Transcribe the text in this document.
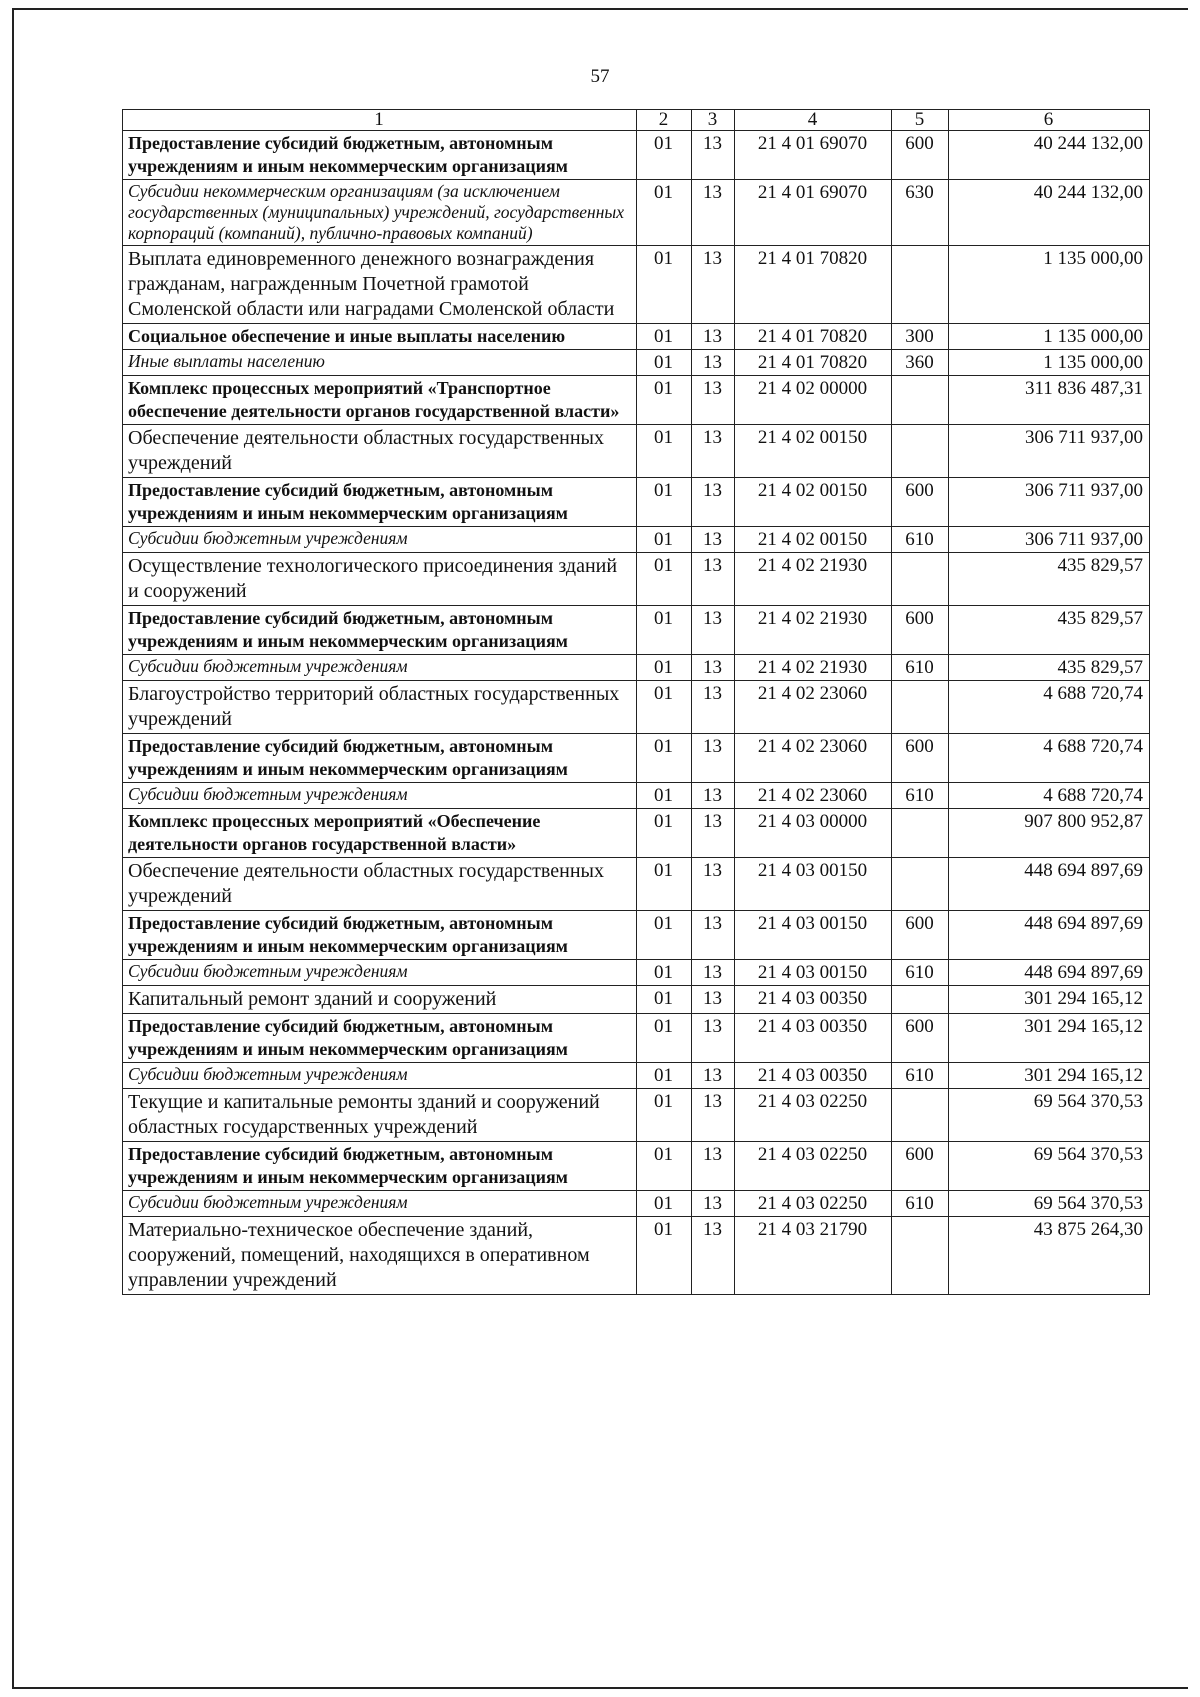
57
1	2	3	4	5	6
Предоставление субсидий бюджетным, автономным учреждениям и иным некоммерческим организациям	01	13	21 4 01 69070	600	40 244 132,00
Субсидии некоммерческим организациям (за исключением государственных (муниципальных) учреждений, государственных корпораций (компаний), публично-правовых компаний)	01	13	21 4 01 69070	630	40 244 132,00
Выплата единовременного денежного вознаграждения гражданам, награжденным Почетной грамотой Смоленской области или наградами Смоленской области	01	13	21 4 01 70820		1 135 000,00
Социальное обеспечение и иные выплаты населению	01	13	21 4 01 70820	300	1 135 000,00
Иные выплаты населению	01	13	21 4 01 70820	360	1 135 000,00
Комплекс процессных мероприятий «Транспортное обеспечение деятельности органов государственной власти»	01	13	21 4 02 00000		311 836 487,31
Обеспечение деятельности областных государственных учреждений	01	13	21 4 02 00150		306 711 937,00
Предоставление субсидий бюджетным, автономным учреждениям и иным некоммерческим организациям	01	13	21 4 02 00150	600	306 711 937,00
Субсидии бюджетным учреждениям	01	13	21 4 02 00150	610	306 711 937,00
Осуществление технологического присоединения зданий и сооружений	01	13	21 4 02 21930		435 829,57
Предоставление субсидий бюджетным, автономным учреждениям и иным некоммерческим организациям	01	13	21 4 02 21930	600	435 829,57
Субсидии бюджетным учреждениям	01	13	21 4 02 21930	610	435 829,57
Благоустройство территорий областных государственных учреждений	01	13	21 4 02 23060		4 688 720,74
Предоставление субсидий бюджетным, автономным учреждениям и иным некоммерческим организациям	01	13	21 4 02 23060	600	4 688 720,74
Субсидии бюджетным учреждениям	01	13	21 4 02 23060	610	4 688 720,74
Комплекс процессных мероприятий «Обеспечение деятельности органов государственной власти»	01	13	21 4 03 00000		907 800 952,87
Обеспечение деятельности областных государственных учреждений	01	13	21 4 03 00150		448 694 897,69
Предоставление субсидий бюджетным, автономным учреждениям и иным некоммерческим организациям	01	13	21 4 03 00150	600	448 694 897,69
Субсидии бюджетным учреждениям	01	13	21 4 03 00150	610	448 694 897,69
Капитальный ремонт зданий и сооружений	01	13	21 4 03 00350		301 294 165,12
Предоставление субсидий бюджетным, автономным учреждениям и иным некоммерческим организациям	01	13	21 4 03 00350	600	301 294 165,12
Субсидии бюджетным учреждениям	01	13	21 4 03 00350	610	301 294 165,12
Текущие и капитальные ремонты зданий и сооружений областных государственных учреждений	01	13	21 4 03 02250		69 564 370,53
Предоставление субсидий бюджетным, автономным учреждениям и иным некоммерческим организациям	01	13	21 4 03 02250	600	69 564 370,53
Субсидии бюджетным учреждениям	01	13	21 4 03 02250	610	69 564 370,53
Материально-техническое обеспечение зданий, сооружений, помещений, находящихся в оперативном управлении учреждений	01	13	21 4 03 21790		43 875 264,30
